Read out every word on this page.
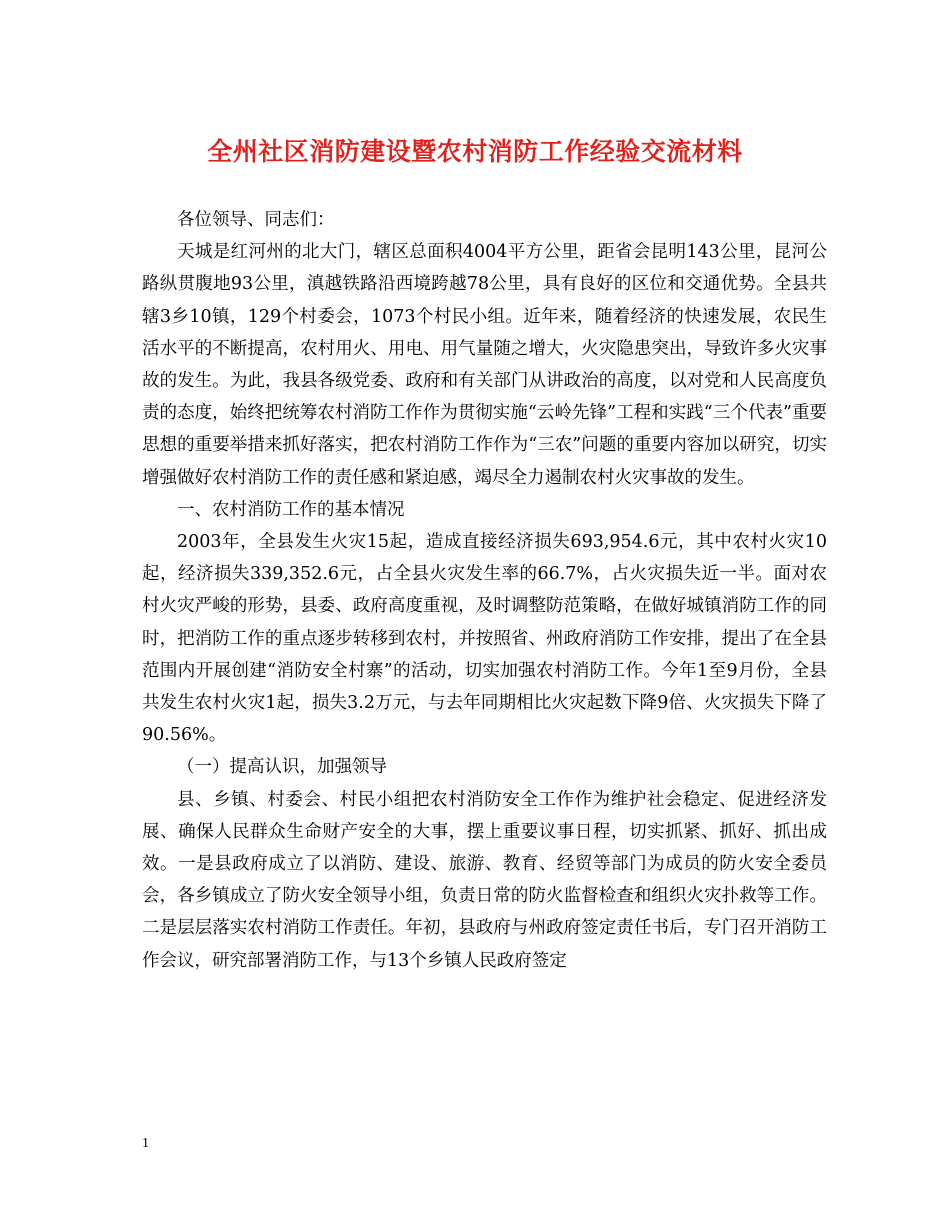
全州社区消防建设暨农村消防工作经验交流材料

各位领导、同志们：

天城是红河州的北大门，辖区总面积4004平方公里，距省会昆明143公里，昆河公路纵贯腹地93公里，滇越铁路沿西境跨越78公里，具有良好的区位和交通优势。全县共辖3乡10镇，129个村委会，1073个村民小组。近年来，随着经济的快速发展，农民生活水平的不断提高，农村用火、用电、用气量随之增大，火灾隐患突出，导致许多火灾事故的发生。为此，我县各级党委、政府和有关部门从讲政治的高度，以对党和人民高度负责的态度，始终把统筹农村消防工作作为贯彻实施“云岭先锋”工程和实践“三个代表”重要思想的重要举措来抓好落实，把农村消防工作作为“三农”问题的重要内容加以研究，切实增强做好农村消防工作的责任感和紧迫感，竭尽全力遏制农村火灾事故的发生。

一、农村消防工作的基本情况

2003年，全县发生火灾15起，造成直接经济损失693,954.6元，其中农村火灾10起，经济损失339,352.6元，占全县火灾发生率的66.7%，占火灾损失近一半。面对农村火灾严峻的形势，县委、政府高度重视，及时调整防范策略，在做好城镇消防工作的同时，把消防工作的重点逐步转移到农村，并按照省、州政府消防工作安排，提出了在全县范围内开展创建“消防安全村寨”的活动，切实加强农村消防工作。今年1至9月份，全县共发生农村火灾1起，损失3.2万元，与去年同期相比火灾起数下降9倍、火灾损失下降了90.56%。

（一）提高认识，加强领导

县、乡镇、村委会、村民小组把农村消防安全工作作为维护社会稳定、促进经济发展、确保人民群众生命财产安全的大事，摆上重要议事日程，切实抓紧、抓好、抓出成效。一是县政府成立了以消防、建设、旅游、教育、经贸等部门为成员的防火安全委员会，各乡镇成立了防火安全领导小组，负责日常的防火监督检查和组织火灾扑救等工作。二是层层落实农村消防工作责任。年初，县政府与州政府签定责任书后，专门召开消防工作会议，研究部署消防工作，与13个乡镇人民政府签定

1
